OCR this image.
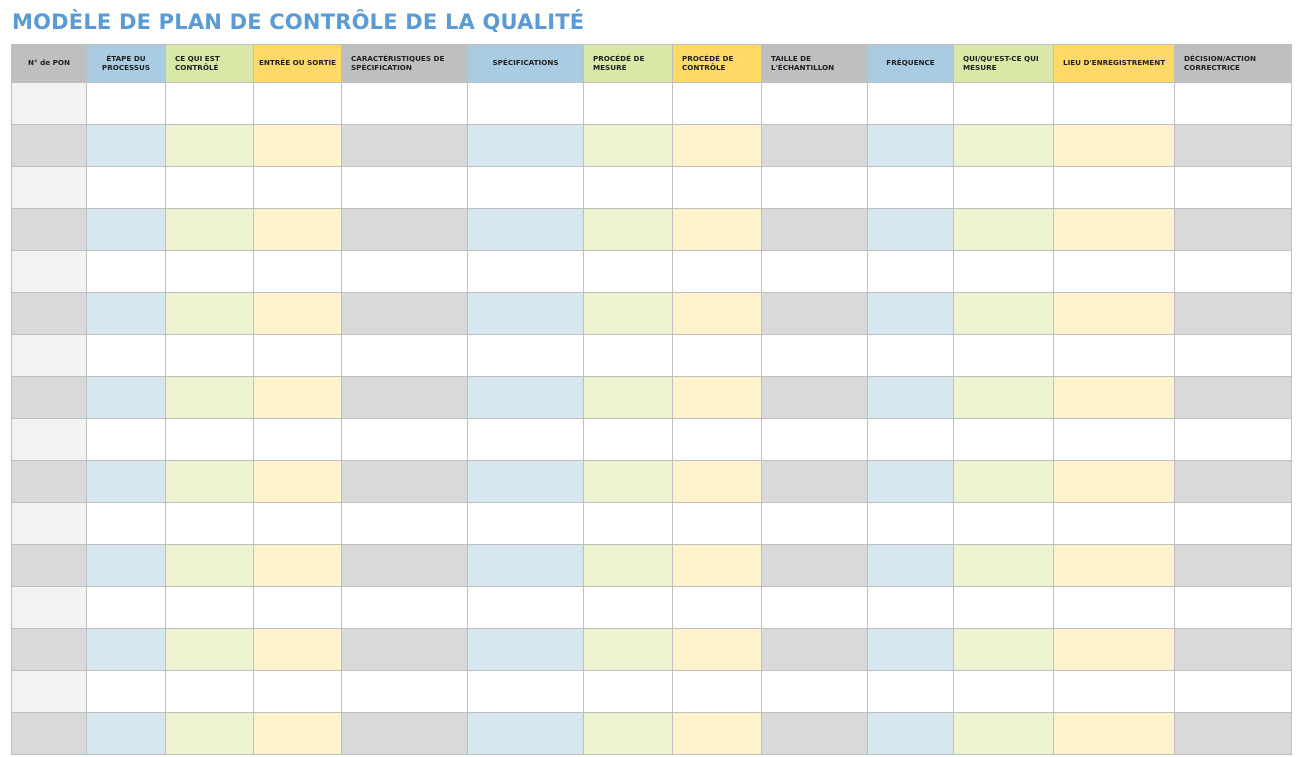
MODÈLE DE PLAN DE CONTRÔLE DE LA QUALITÉ
N° de PON	ÉTAPE DU PROCESSUS	CE QUI EST CONTRÔLÉ	ENTRÉE OU SORTIE	CARACTÉRISTIQUES DE SPÉCIFICATION	SPÉCIFICATIONS	PROCÉDÉ DE MESURE	PROCÉDÉ DE CONTRÔLE	TAILLE DE L'ÉCHANTILLON	FRÉQUENCE	QUI/QU'EST-CE QUI MESURE	LIEU D'ENREGISTREMENT	DÉCISION/ACTION CORRECTRICE
